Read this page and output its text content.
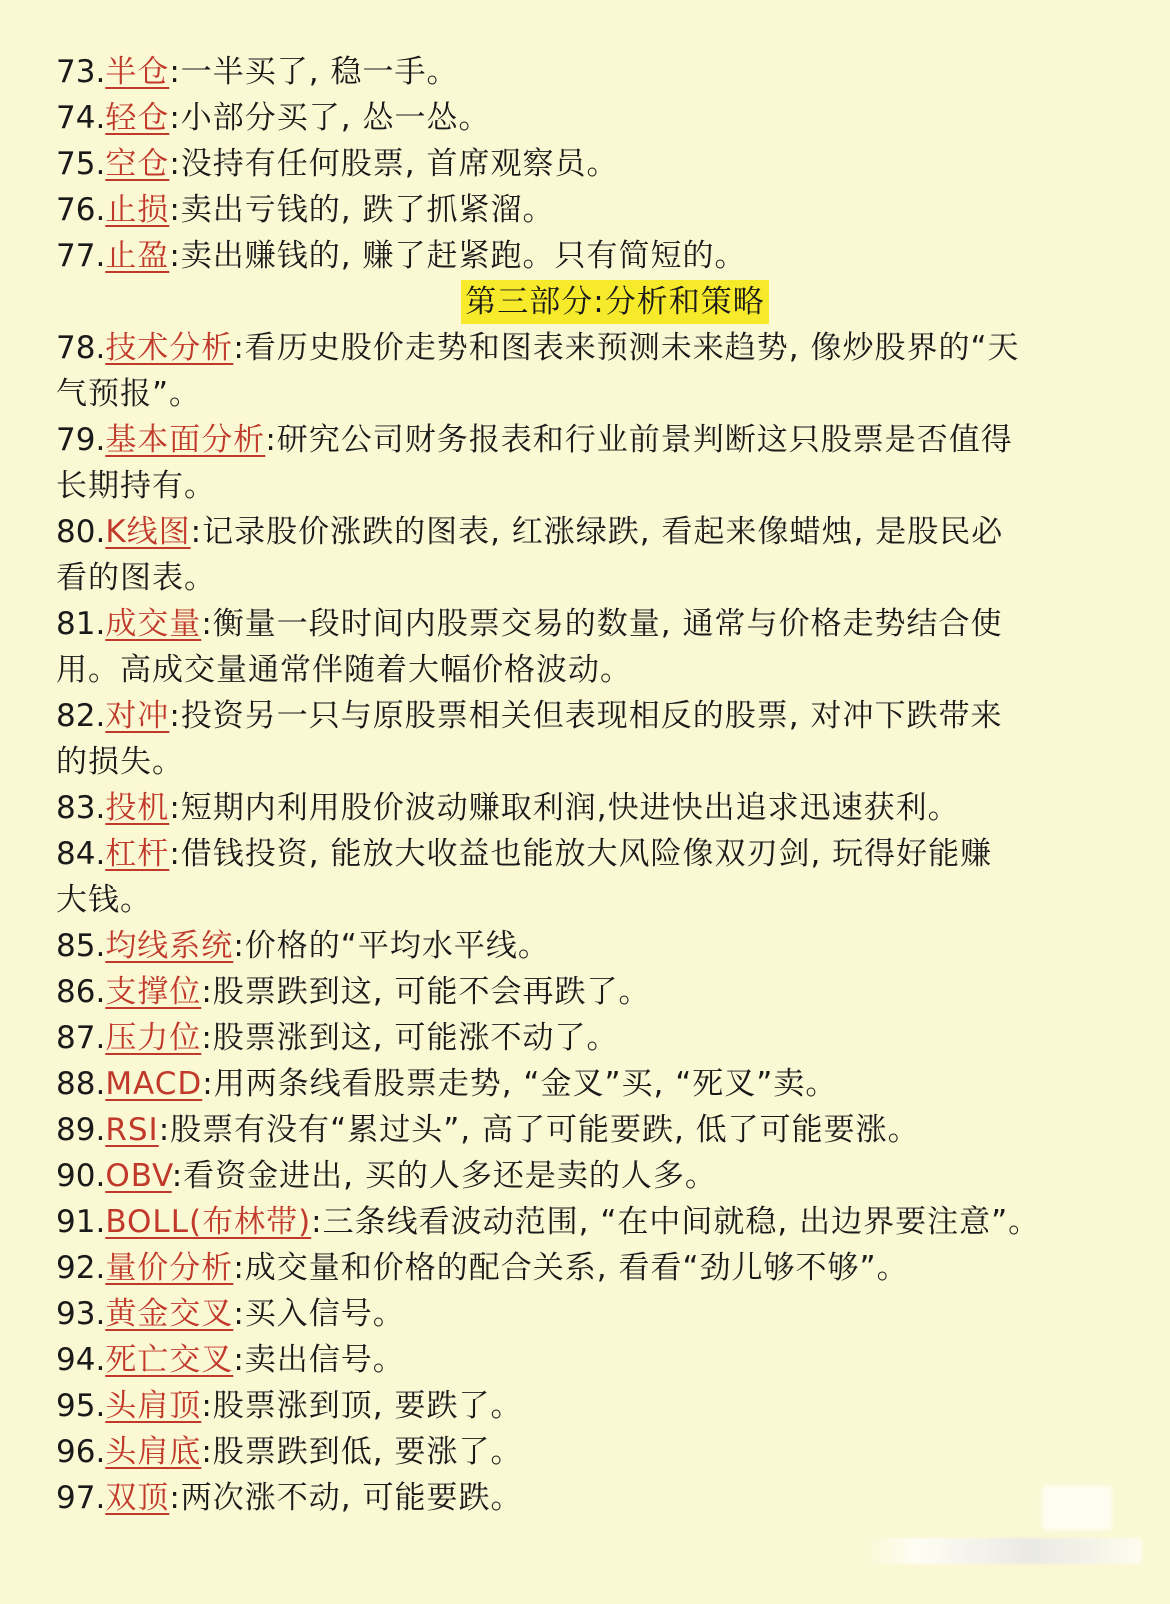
73.半仓:一半买了, 稳一手。
74.轻仓:小部分买了, 怂一怂。
75.空仓:没持有任何股票, 首席观察员。
76.止损:卖出亏钱的, 跌了抓紧溜。
77.止盈:卖出赚钱的, 赚了赶紧跑。只有简短的。
第三部分:分析和策略
78.技术分析:看历史股价走势和图表来预测未来趋势, 像炒股界的“天
气预报”。
79.基本面分析:研究公司财务报表和行业前景判断这只股票是否值得
长期持有。
80.K线图:记录股价涨跌的图表, 红涨绿跌, 看起来像蜡烛, 是股民必
看的图表。
81.成交量:衡量一段时间内股票交易的数量, 通常与价格走势结合使
用。高成交量通常伴随着大幅价格波动。
82.对冲:投资另一只与原股票相关但表现相反的股票, 对冲下跌带来
的损失。
83.投机:短期内利用股价波动赚取利润,快进快出追求迅速获利。
84.杠杆:借钱投资, 能放大收益也能放大风险像双刃剑, 玩得好能赚
大钱。
85.均线系统:价格的“平均水平线。
86.支撑位:股票跌到这, 可能不会再跌了。
87.压力位:股票涨到这, 可能涨不动了。
88.MACD:用两条线看股票走势, “金叉”买, “死叉”卖。
89.RSI:股票有没有“累过头”, 高了可能要跌, 低了可能要涨。
90.OBV:看资金进出, 买的人多还是卖的人多。
91.BOLL(布林带):三条线看波动范围, “在中间就稳, 出边界要注意”。
92.量价分析:成交量和价格的配合关系, 看看“劲儿够不够”。
93.黄金交叉:买入信号。
94.死亡交叉:卖出信号。
95.头肩顶:股票涨到顶, 要跌了。
96.头肩底:股票跌到低, 要涨了。
97.双顶:两次涨不动, 可能要跌。
